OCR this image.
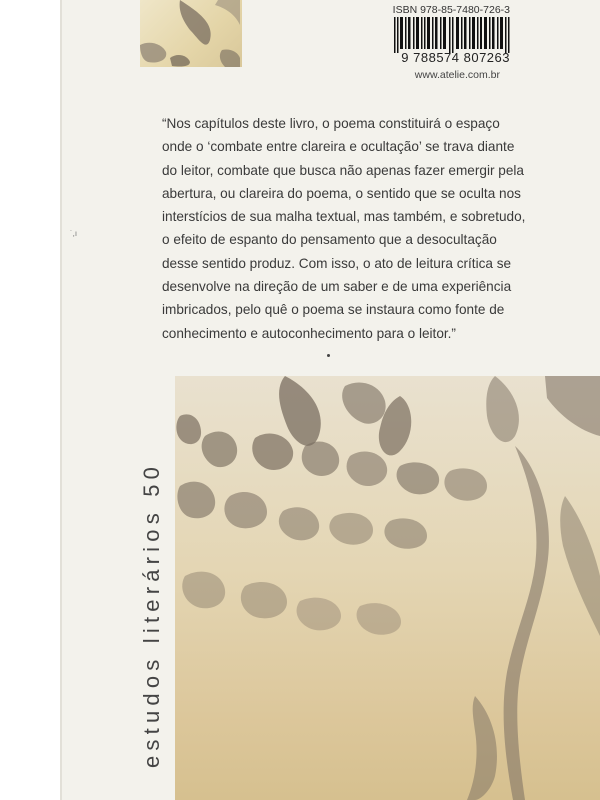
ISBN 978-85-7480-726-3
9 788574 807263
www.atelie.com.br

“Nos capítulos deste livro, o poema constituirá o espaço
onde o ‘combate entre clareira e ocultação’ se trava diante
do leitor, combate que busca não apenas fazer emergir pela
abertura, ou clareira do poema, o sentido que se oculta nos
interstícios de sua malha textual, mas também, e sobretudo,
o efeito de espanto do pensamento que a desocultação
desse sentido produz. Com isso, o ato de leitura crítica se
desenvolve na direção de um saber e de uma experiência
imbricados, pelo quê o poema se instaura como fonte de
conhecimento e autoconhecimento para o leitor.”

˙,ı
estudos literários 50
